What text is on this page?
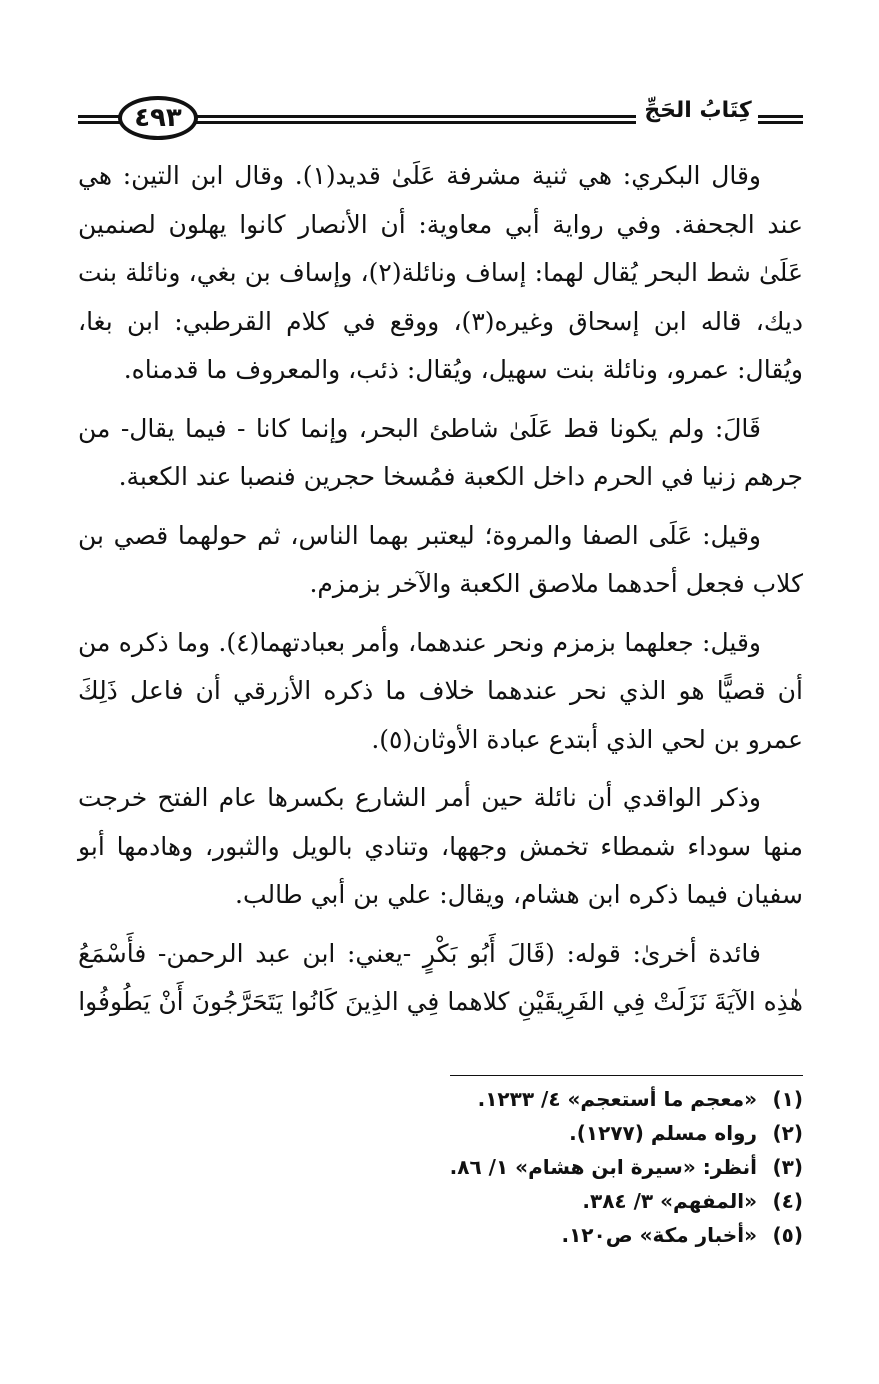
٤٩٣	كِتَابُ الحَجِّ

وقال البكري: هي ثنية مشرفة عَلَىٰ قديد(١). وقال ابن التين: هي عند الجحفة. وفي رواية أبي معاوية: أن الأنصار كانوا يهلون لصنمين عَلَىٰ شط البحر يُقال لهما: إساف ونائلة(٢)، وإساف بن بغي، ونائلة بنت ديك، قاله ابن إسحاق وغيره(٣)، ووقع في كلام القرطبي: ابن بغا، ويُقال: عمرو، ونائلة بنت سهيل، ويُقال: ذئب، والمعروف ما قدمناه.

قَالَ: ولم يكونا قط عَلَىٰ شاطئ البحر، وإنما كانا - فيما يقال- من جرهم زنيا في الحرم داخل الكعبة فمُسخا حجرين فنصبا عند الكعبة.

وقيل: عَلَى الصفا والمروة؛ ليعتبر بهما الناس، ثم حولهما قصي بن كلاب فجعل أحدهما ملاصق الكعبة والآخر بزمزم.

وقيل: جعلهما بزمزم ونحر عندهما، وأمر بعبادتهما(٤). وما ذكره من أن قصيًّا هو الذي نحر عندهما خلاف ما ذكره الأزرقي أن فاعل ذَلِكَ عمرو بن لحي الذي أبتدع عبادة الأوثان(٥).

وذكر الواقدي أن نائلة حين أمر الشارع بكسرها عام الفتح خرجت منها سوداء شمطاء تخمش وجهها، وتنادي بالويل والثبور، وهادمها أبو سفيان فيما ذكره ابن هشام، ويقال: علي بن أبي طالب.

فائدة أخرىٰ: قوله: (قَالَ أَبُو بَكْرٍ -يعني: ابن عبد الرحمن- فأَسْمَعُ هٰذِه الآيَةَ نَزَلَتْ فِي الفَرِيقَيْنِ كلاهما فِي الذِينَ كَانُوا يَتَحَرَّجُونَ أَنْ يَطُوفُوا

(١)«معجم ما أستعجم» ٤/ ١٢٣٣.
(٢)رواه مسلم (١٢٧٧).
(٣)أنظر: «سيرة ابن هشام» ١/ ٨٦.
(٤)«المفهم» ٣/ ٣٨٤.
(٥)«أخبار مكة» ص١٢٠.
